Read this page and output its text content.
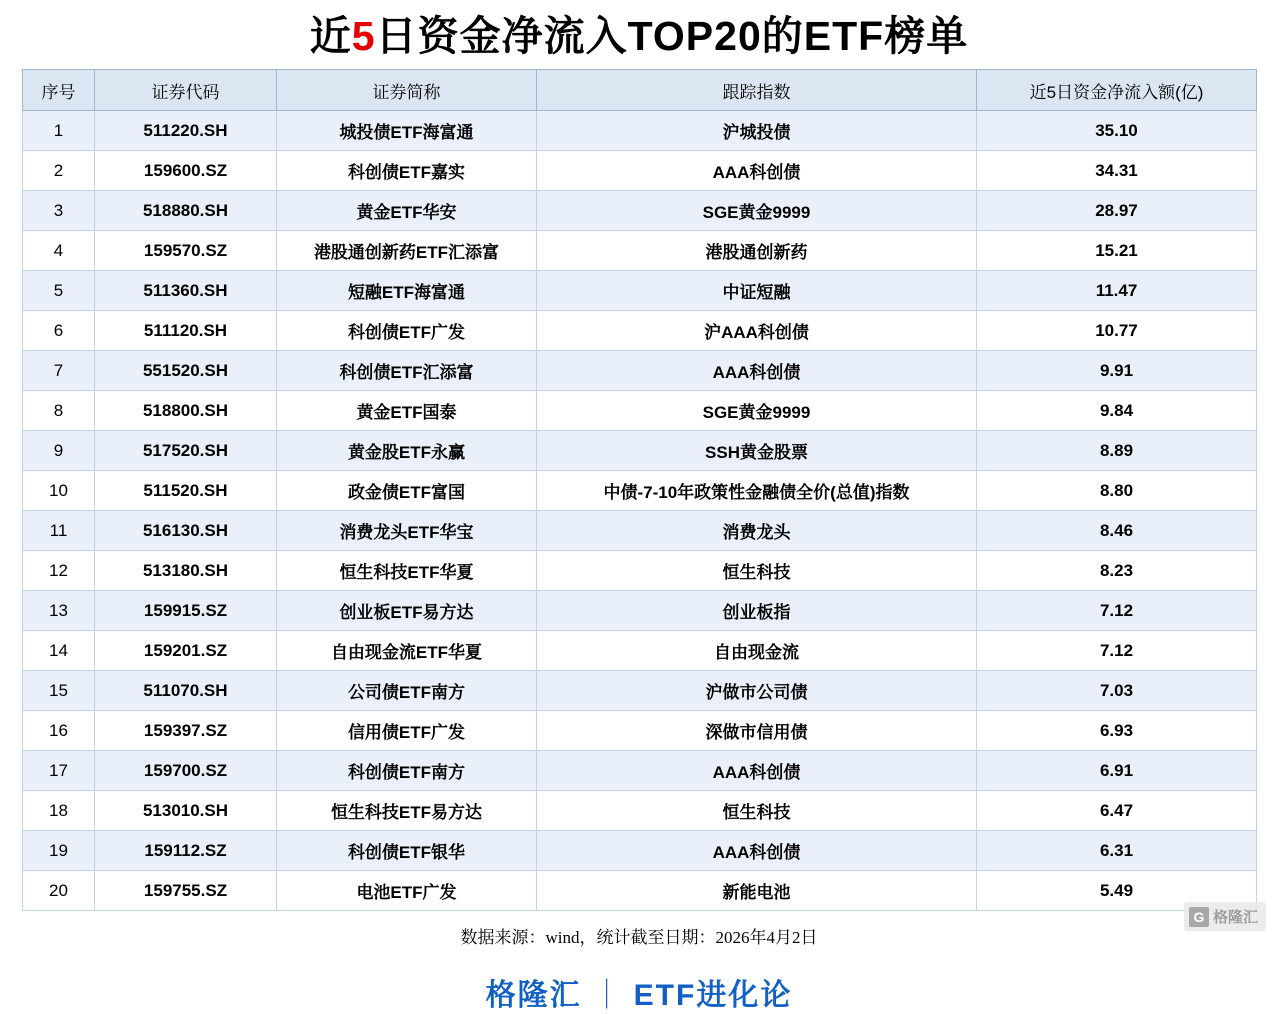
近5日资金净流入TOP20的ETF榜单
序号	证券代码	证券简称	跟踪指数	近5日资金净流入额(亿)
1	511220.SH	城投债ETF海富通	沪城投债	35.10
2	159600.SZ	科创债ETF嘉实	AAA科创债	34.31
3	518880.SH	黄金ETF华安	SGE黄金9999	28.97
4	159570.SZ	港股通创新药ETF汇添富	港股通创新药	15.21
5	511360.SH	短融ETF海富通	中证短融	11.47
6	511120.SH	科创债ETF广发	沪AAA科创债	10.77
7	551520.SH	科创债ETF汇添富	AAA科创债	9.91
8	518800.SH	黄金ETF国泰	SGE黄金9999	9.84
9	517520.SH	黄金股ETF永赢	SSH黄金股票	8.89
10	511520.SH	政金债ETF富国	中债-7-10年政策性金融债全价(总值)指数	8.80
11	516130.SH	消费龙头ETF华宝	消费龙头	8.46
12	513180.SH	恒生科技ETF华夏	恒生科技	8.23
13	159915.SZ	创业板ETF易方达	创业板指	7.12
14	159201.SZ	自由现金流ETF华夏	自由现金流	7.12
15	511070.SH	公司债ETF南方	沪做市公司债	7.03
16	159397.SZ	信用债ETF广发	深做市信用债	6.93
17	159700.SZ	科创债ETF南方	AAA科创债	6.91
18	513010.SH	恒生科技ETF易方达	恒生科技	6.47
19	159112.SZ	科创债ETF银华	AAA科创债	6.31
20	159755.SZ	电池ETF广发	新能电池	5.49
数据来源：wind，统计截至日期：2026年4月2日
格隆汇 ｜ ETF进化论
G 格隆汇
